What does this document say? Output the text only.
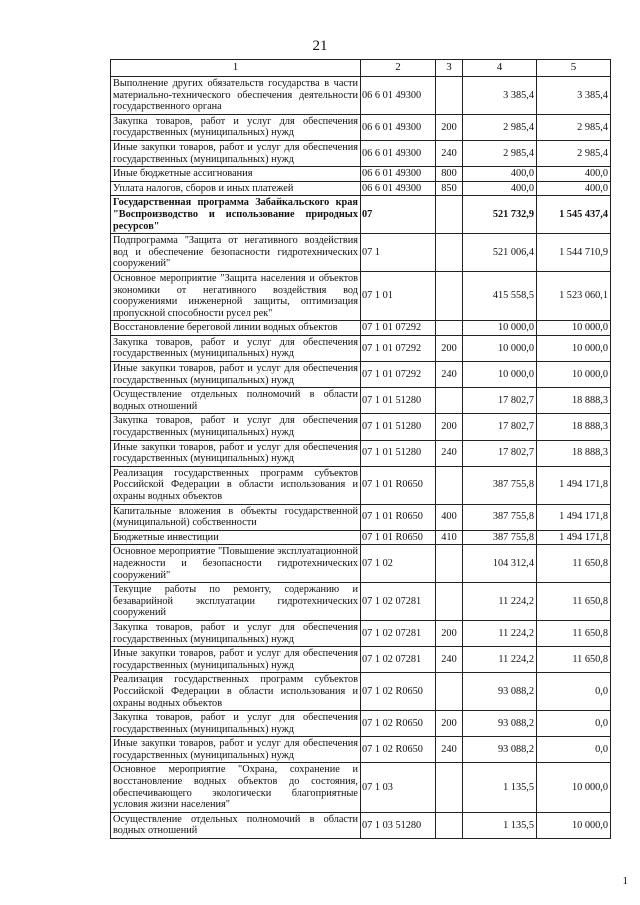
21
1	2	3	4	5
Выполнение других обязательств государства в части материально-технического обеспечения деятельности государственного органа	06 6 01 49300		3 385,4	3 385,4
Закупка товаров, работ и услуг для обеспечения государственных (муниципальных) нужд	06 6 01 49300	200	2 985,4	2 985,4
Иные закупки товаров, работ и услуг для обеспечения государственных (муниципальных) нужд	06 6 01 49300	240	2 985,4	2 985,4
Иные бюджетные ассигнования	06 6 01 49300	800	400,0	400,0
Уплата налогов, сборов и иных платежей	06 6 01 49300	850	400,0	400,0
Государственная программа Забайкальского края "Воспроизводство и использование природных ресурсов"	07		521 732,9	1 545 437,4
Подпрограмма "Защита от негативного воздействия вод и обеспечение безопасности гидротехнических сооружений"	07 1		521 006,4	1 544 710,9
Основное мероприятие "Защита населения и объектов экономики от негативного воздействия вод сооружениями инженерной защиты, оптимизация пропускной способности русел рек"	07 1 01		415 558,5	1 523 060,1
Восстановление береговой линии водных объектов	07 1 01 07292		10 000,0	10 000,0
Закупка товаров, работ и услуг для обеспечения государственных (муниципальных) нужд	07 1 01 07292	200	10 000,0	10 000,0
Иные закупки товаров, работ и услуг для обеспечения государственных (муниципальных) нужд	07 1 01 07292	240	10 000,0	10 000,0
Осуществление отдельных полномочий в области водных отношений	07 1 01 51280		17 802,7	18 888,3
Закупка товаров, работ и услуг для обеспечения государственных (муниципальных) нужд	07 1 01 51280	200	17 802,7	18 888,3
Иные закупки товаров, работ и услуг для обеспечения государственных (муниципальных) нужд	07 1 01 51280	240	17 802,7	18 888,3
Реализация государственных программ субъектов Российской Федерации в области использования и охраны водных объектов	07 1 01 R0650		387 755,8	1 494 171,8
Капитальные вложения в объекты государственной (муниципальной) собственности	07 1 01 R0650	400	387 755,8	1 494 171,8
Бюджетные инвестиции	07 1 01 R0650	410	387 755,8	1 494 171,8
Основное мероприятие "Повышение эксплуатационной надежности и безопасности гидротехнических сооружений"	07 1 02		104 312,4	11 650,8
Текущие работы по ремонту, содержанию и безаварийной эксплуатации гидротехнических сооружений	07 1 02 07281		11 224,2	11 650,8
Закупка товаров, работ и услуг для обеспечения государственных (муниципальных) нужд	07 1 02 07281	200	11 224,2	11 650,8
Иные закупки товаров, работ и услуг для обеспечения государственных (муниципальных) нужд	07 1 02 07281	240	11 224,2	11 650,8
Реализация государственных программ субъектов Российской Федерации в области использования и охраны водных объектов	07 1 02 R0650		93 088,2	0,0
Закупка товаров, работ и услуг для обеспечения государственных (муниципальных) нужд	07 1 02 R0650	200	93 088,2	0,0
Иные закупки товаров, работ и услуг для обеспечения государственных (муниципальных) нужд	07 1 02 R0650	240	93 088,2	0,0
Основное мероприятие "Охрана, сохранение и восстановление водных объектов до состояния, обеспечивающего экологически благоприятные условия жизни населения"	07 1 03		1 135,5	10 000,0
Осуществление отдельных полномочий в области водных отношений	07 1 03 51280		1 135,5	10 000,0
1
